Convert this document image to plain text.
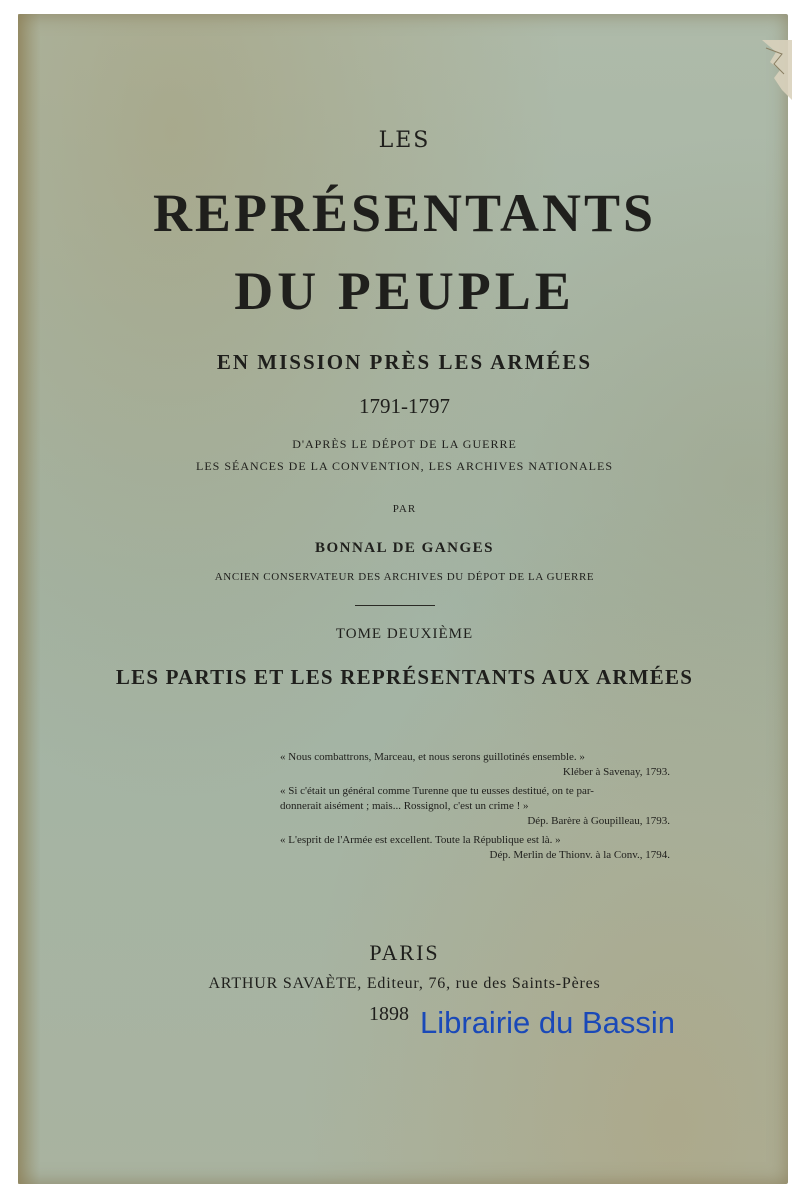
LES
REPRÉSENTANTS
DU PEUPLE
EN MISSION PRÈS LES ARMÉES
1791-1797
D'APRÈS LE DÉPOT DE LA GUERRE
LES SÉANCES DE LA CONVENTION, LES ARCHIVES NATIONALES
PAR
BONNAL DE GANGES
ANCIEN CONSERVATEUR DES ARCHIVES DU DÉPOT DE LA GUERRE
TOME DEUXIÈME
LES PARTIS ET LES REPRÉSENTANTS AUX ARMÉES
« Nous combattrons, Marceau, et nous serons guillotinés ensemble. »
Kléber à Savenay, 1793.
« Si c'était un général comme Turenne que tu eusses destitué, on te par-
donnerait aisément ; mais... Rossignol, c'est un crime ! »
Dép. Barère à Goupilleau, 1793.
« L'esprit de l'Armée est excellent. Toute la République est là. »
Dép. Merlin de Thionv. à la Conv., 1794.
PARIS
ARTHUR SAVAÈTE, Editeur, 76, rue des Saints-Pères
1898 Librairie du Bassin
